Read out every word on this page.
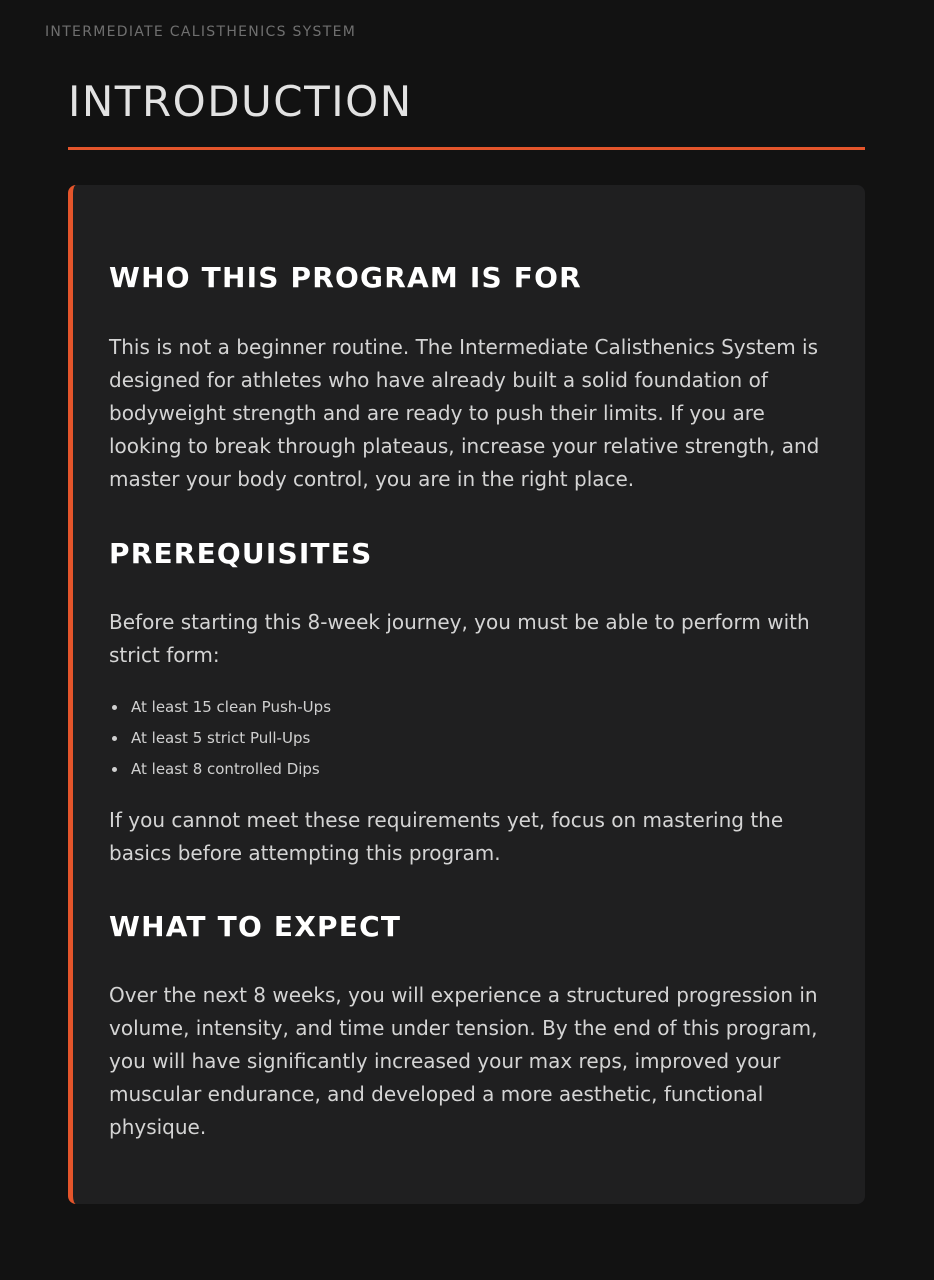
INTERMEDIATE CALISTHENICS SYSTEM
INTRODUCTION
WHO THIS PROGRAM IS FOR

This is not a beginner routine. The Intermediate Calisthenics System is designed for athletes who have already built a solid foundation of bodyweight strength and are ready to push their limits. If you are looking to break through plateaus, increase your relative strength, and master your body control, you are in the right place.

PREREQUISITES

Before starting this 8-week journey, you must be able to perform with strict form:

At least 15 clean Push-Ups
At least 5 strict Pull-Ups
At least 8 controlled Dips

If you cannot meet these requirements yet, focus on mastering the basics before attempting this program.

WHAT TO EXPECT

Over the next 8 weeks, you will experience a structured progression in volume, intensity, and time under tension. By the end of this program, you will have significantly increased your max reps, improved your muscular endurance, and developed a more aesthetic, functional physique.
